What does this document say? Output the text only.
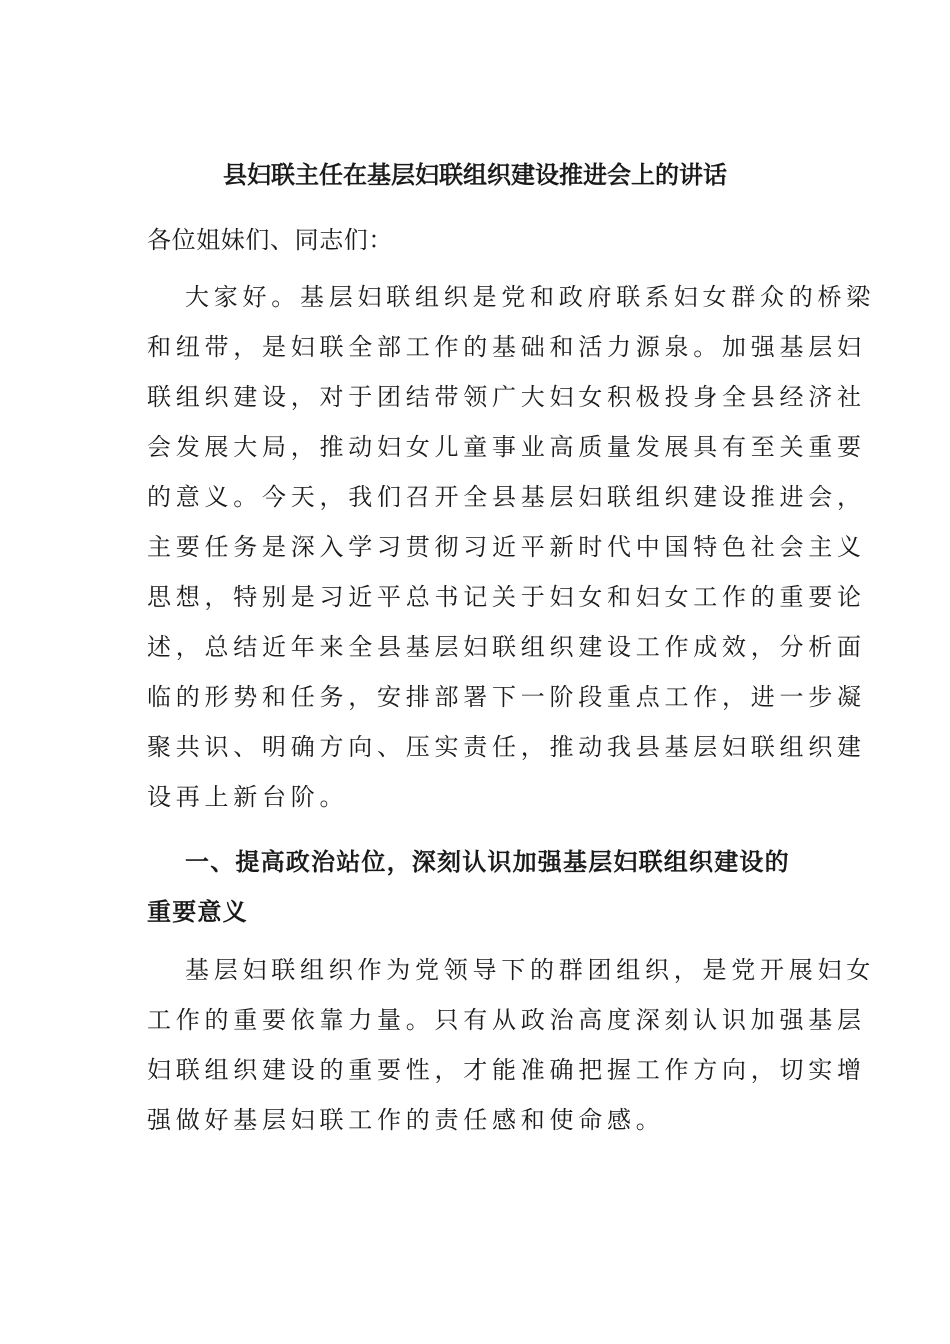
县妇联主任在基层妇联组织建设推进会上的讲话
各位姐妹们、同志们：
大家好。基层妇联组织是党和政府联系妇女群众的桥梁
和纽带，是妇联全部工作的基础和活力源泉。加强基层妇
联组织建设，对于团结带领广大妇女积极投身全县经济社
会发展大局，推动妇女儿童事业高质量发展具有至关重要
的意义。今天，我们召开全县基层妇联组织建设推进会，
主要任务是深入学习贯彻习近平新时代中国特色社会主义
思想，特别是习近平总书记关于妇女和妇女工作的重要论
述，总结近年来全县基层妇联组织建设工作成效，分析面
临的形势和任务，安排部署下一阶段重点工作，进一步凝
聚共识、明确方向、压实责任，推动我县基层妇联组织建
设再上新台阶。
一、提高政治站位，深刻认识加强基层妇联组织建设的
重要意义
基层妇联组织作为党领导下的群团组织，是党开展妇女
工作的重要依靠力量。只有从政治高度深刻认识加强基层
妇联组织建设的重要性，才能准确把握工作方向，切实增
强做好基层妇联工作的责任感和使命感。
